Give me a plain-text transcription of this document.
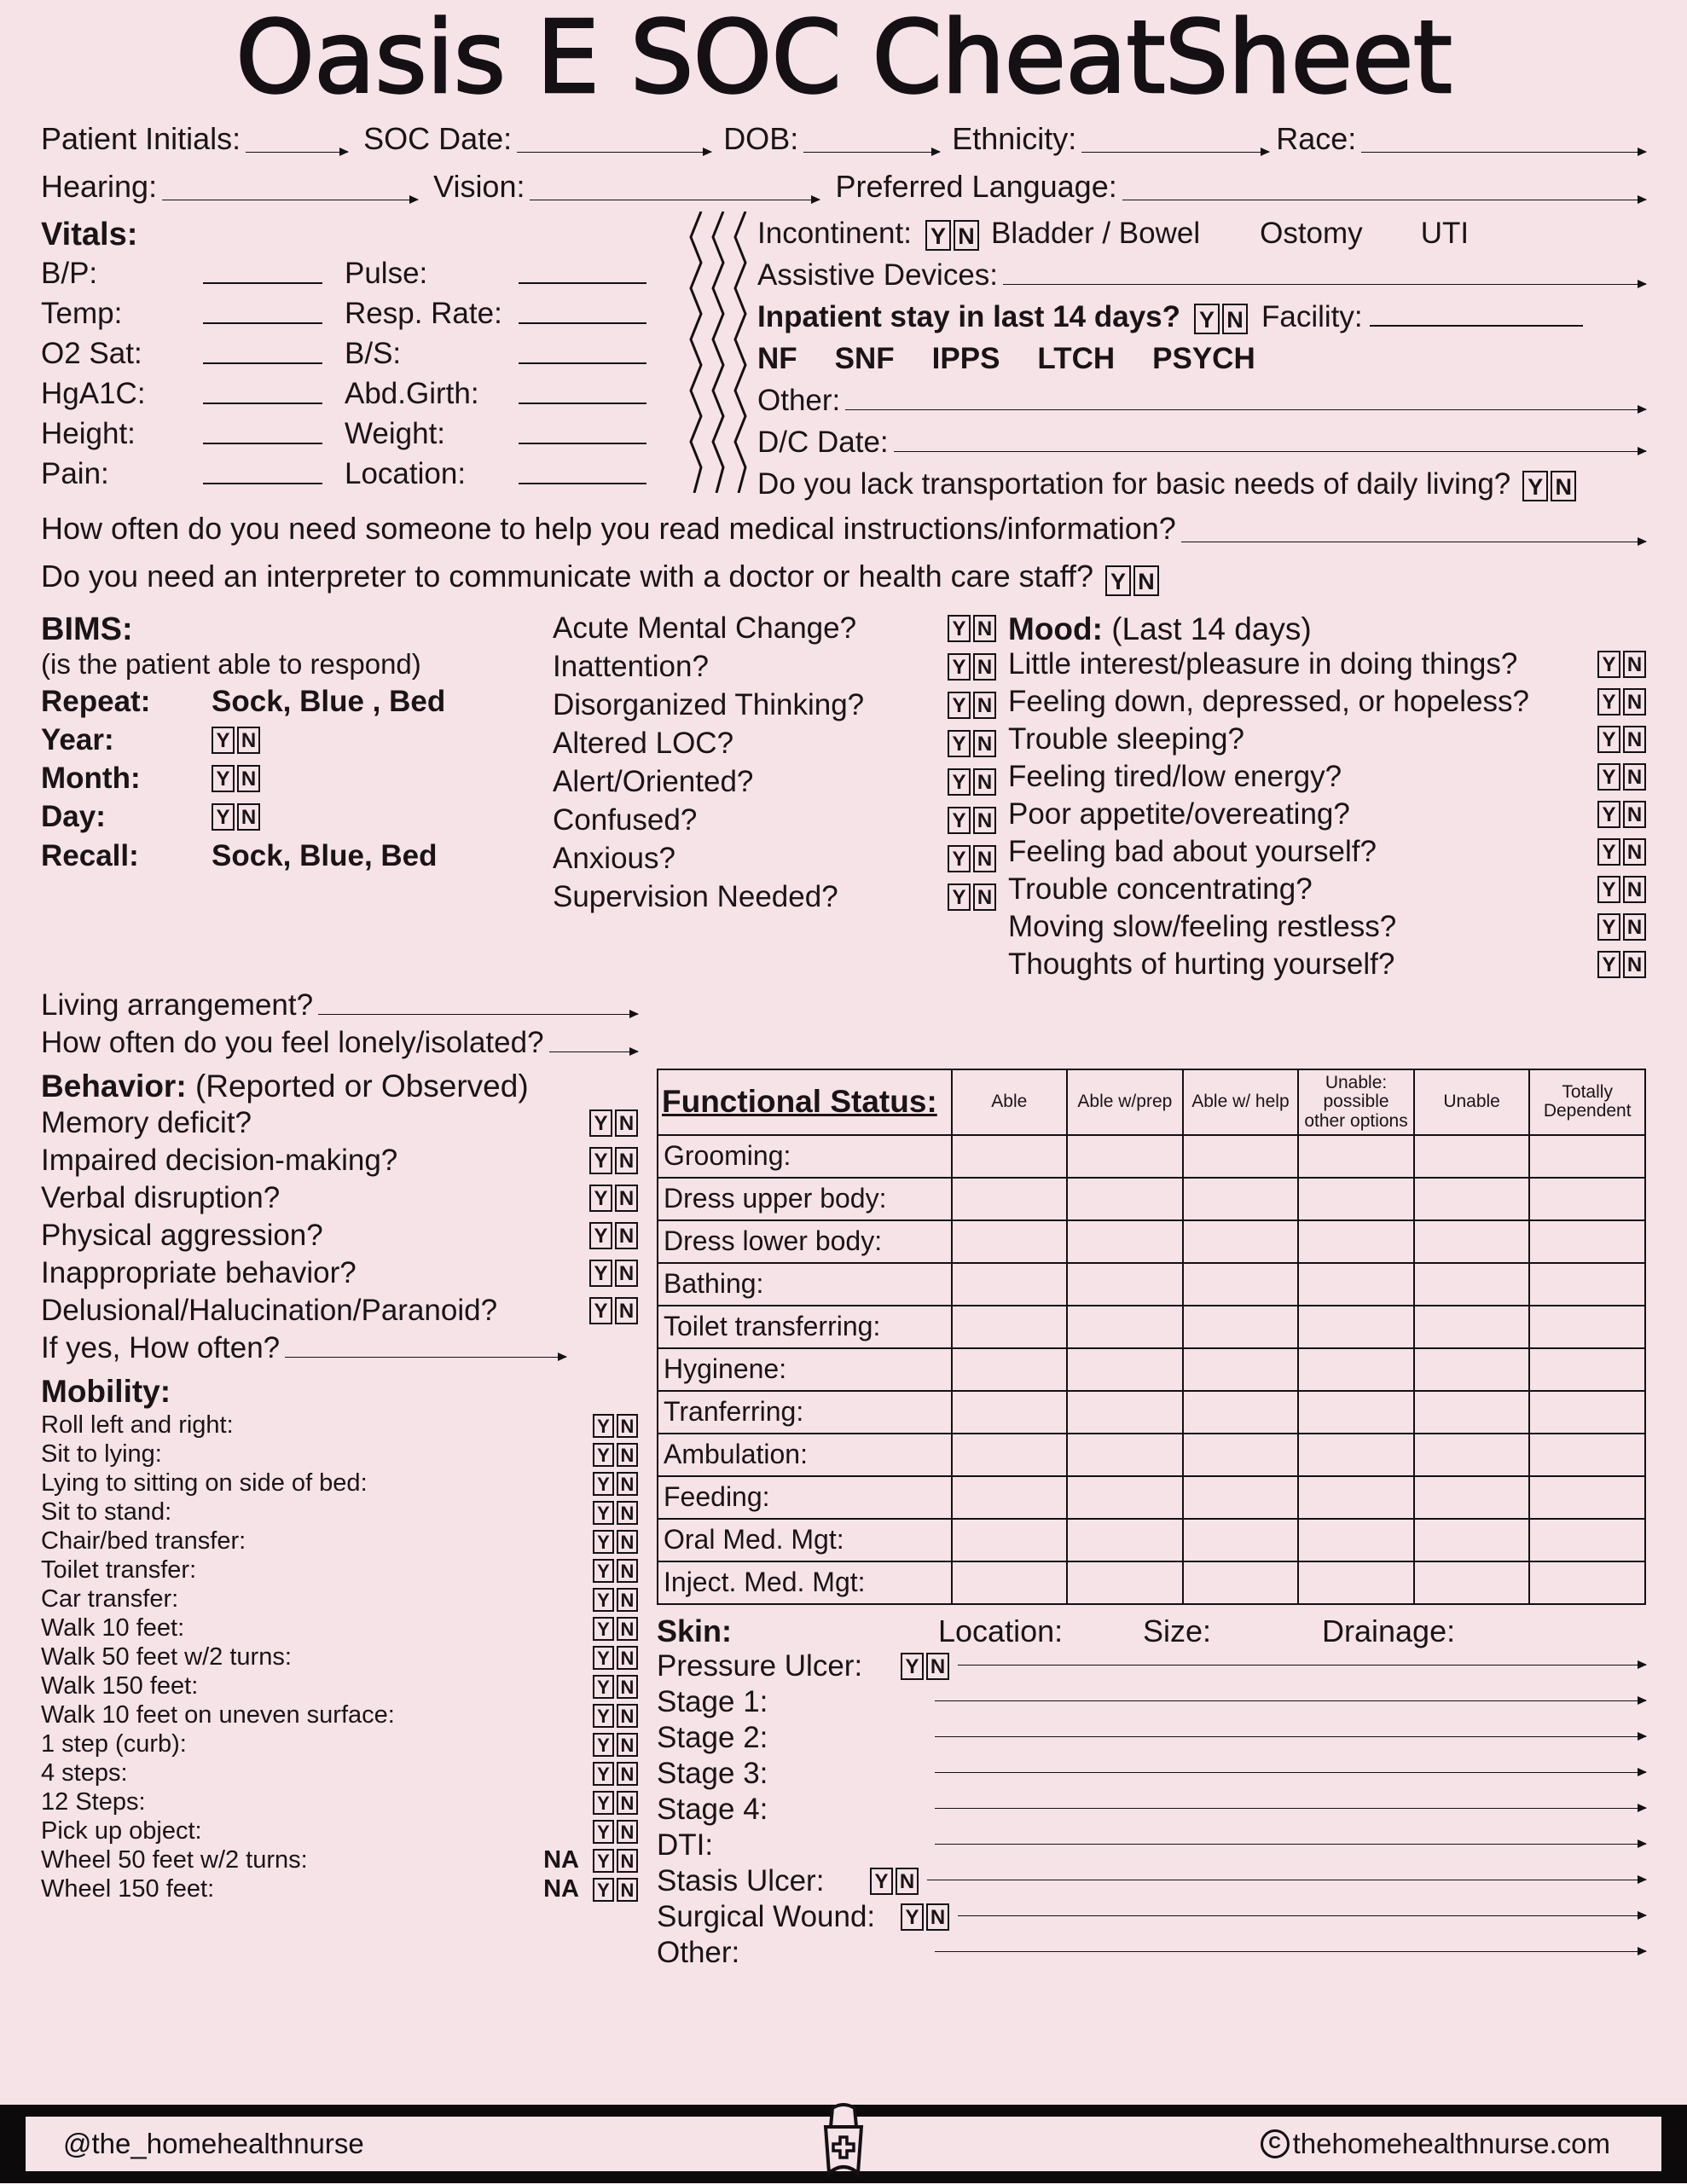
Oasis E SOC CheatSheet
Patient Initials:	SOC Date:	DOB:	Ethnicity:	Race:
Hearing:	Vision:	Preferred Language:
Vitals:
B/P:	Pulse:
Temp:	Resp. Rate:
O2 Sat:	B/S:
HgA1C:	Abd.Girth:
Height:	Weight:
Pain:	Location:
Incontinent: Y N Bladder / Bowel Ostomy UTI
Assistive Devices:
Inpatient stay in last 14 days? Y N Facility:
NF SNF IPPS LTCH PSYCH
Other:
D/C Date:
Do you lack transportation for basic needs of daily living? Y N
How often do you need someone to help you read medical instructions/information?
Do you need an interpreter to communicate with a doctor or health care staff? Y N
BIMS:
(is the patient able to respond)
Repeat:	Sock, Blue , Bed
Year:	Y N
Month:	Y N
Day:	Y N
Recall:	Sock, Blue, Bed
Acute Mental Change?	Y N
Inattention?	Y N
Disorganized Thinking?	Y N
Altered LOC?	Y N
Alert/Oriented?	Y N
Confused?	Y N
Anxious?	Y N
Supervision Needed?	Y N
Mood: (Last 14 days)
Little interest/pleasure in doing things?	Y N
Feeling down, depressed, or hopeless?	Y N
Trouble sleeping?	Y N
Feeling tired/low energy?	Y N
Poor appetite/overeating?	Y N
Feeling bad about yourself?	Y N
Trouble concentrating?	Y N
Moving slow/feeling restless?	Y N
Thoughts of hurting yourself?	Y N
Living arrangement?
How often do you feel lonely/isolated?
Behavior: (Reported or Observed)
Memory deficit?	Y N
Impaired decision-making?	Y N
Verbal disruption?	Y N
Physical aggression?	Y N
Inappropriate behavior?	Y N
Delusional/Halucination/Paranoid?	Y N
If yes, How often?
Mobility:
Roll left and right:	Y N
Sit to lying:	Y N
Lying to sitting on side of bed:	Y N
Sit to stand:	Y N
Chair/bed transfer:	Y N
Toilet transfer:	Y N
Car transfer:	Y N
Walk 10 feet:	Y N
Walk 50 feet w/2 turns:	Y N
Walk 150 feet:	Y N
Walk 10 feet on uneven surface:	Y N
1 step (curb):	Y N
4 steps:	Y N
12 Steps:	Y N
Pick up object:	Y N
Wheel 50 feet w/2 turns:	NA Y N
Wheel 150 feet:	NA Y N
Functional Status:	Able	Able w/prep	Able w/ help	Unable: possible other options	Unable	Totally Dependent
Grooming:						
Dress upper body:						
Dress lower body:						
Bathing:						
Toilet transferring:						
Hyginene:						
Tranferring:						
Ambulation:						
Feeding:						
Oral Med. Mgt:						
Inject. Med. Mgt:						
Skin:	Location:	Size:	Drainage:
Pressure Ulcer:	Y N
Stage 1:
Stage 2:
Stage 3:
Stage 4:
DTI:
Stasis Ulcer:	Y N
Surgical Wound:	Y N
Other:
@the_homehealthnurse	C thehomehealthnurse.com
